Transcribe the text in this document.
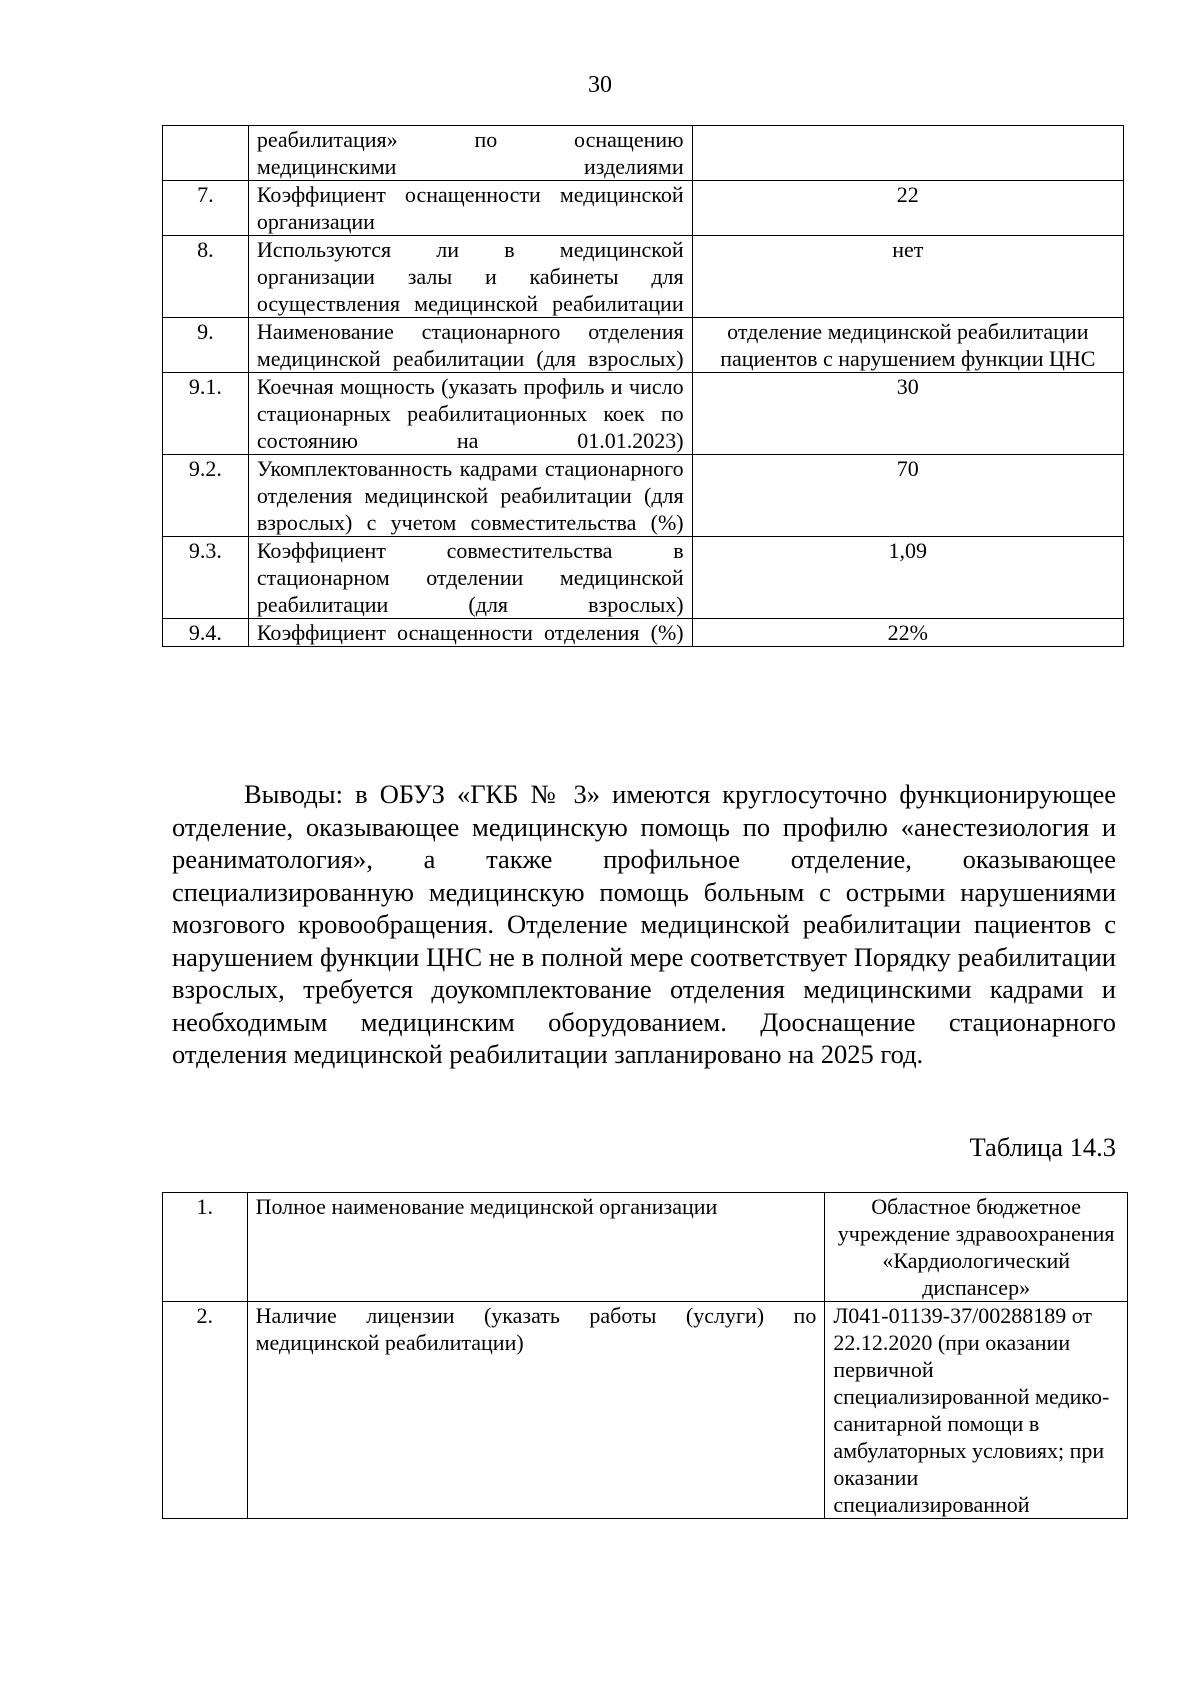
30
	реабилитация» по оснащению медицинскими изделиями	
7.	Коэффициент оснащенности медицинской организации	22
8.	Используются ли в медицинской организации залы и кабинеты для осуществления медицинской реабилитации	нет
9.	Наименование стационарного отделения медицинской реабилитации (для взрослых)	отделение медицинской реабилитации пациентов с нарушением функции ЦНС
9.1.	Коечная мощность (указать профиль и число стационарных реабилитационных коек по состоянию на 01.01.2023)	30
9.2.	Укомплектованность кадрами стационарного отделения медицинской реабилитации (для взрослых) с учетом совместительства (%)	70
9.3.	Коэффициент совместительства в стационарном отделении медицинской реабилитации (для взрослых)	1,09
9.4.	Коэффициент оснащенности отделения (%)	22%
Выводы: в ОБУЗ «ГКБ № 3» имеются круглосуточно функционирующее отделение, оказывающее медицинскую помощь по профилю «анестезиология и реаниматология», а также профильное отделение, оказывающее специализированную медицинскую помощь больным с острыми нарушениями мозгового кровообращения. Отделение медицинской реабилитации пациентов с нарушением функции ЦНС не в полной мере соответствует Порядку реабилитации взрослых, требуется доукомплектование отделения медицинскими кадрами и необходимым медицинским оборудованием. Дооснащение стационарного отделения медицинской реабилитации запланировано на 2025 год.
Таблица 14.3
1.	Полное наименование медицинской организации	Областное бюджетное учреждение здравоохранения «Кардиологический диспансер»
2.	Наличие лицензии (указать работы (услуги) по медицинской реабилитации)	Л041-01139-37/00288189 от 22.12.2020 (при оказании первичной специализированной медико-санитарной помощи в амбулаторных условиях; при оказании специализированной
